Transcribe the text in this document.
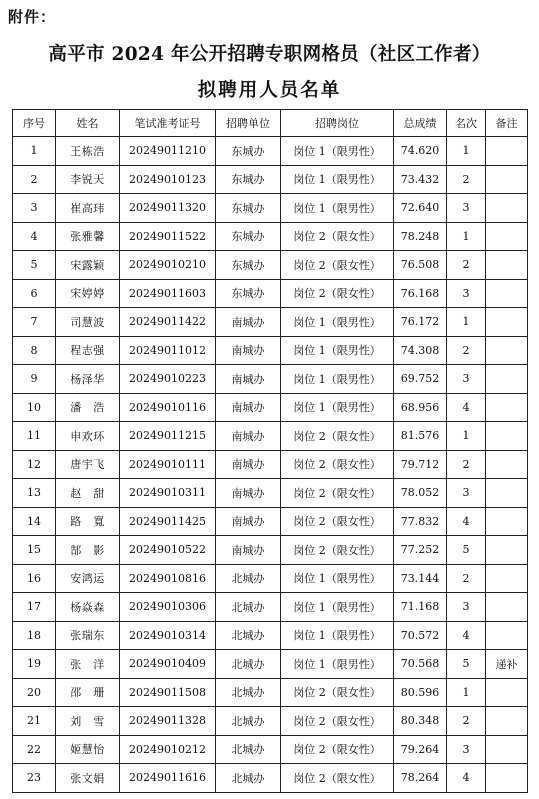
附件：
高平市 2024 年公开招聘专职网格员（社区工作者）
拟聘用人员名单
序号	姓名	笔试准考证号	招聘单位	招聘岗位	总成绩	名次	备注
1	王栋浩	20249011210	东城办	岗位 1（限男性）	74.620	1	
2	李锐天	20249010123	东城办	岗位 1（限男性）	73.432	2	
3	崔高玮	20249011320	东城办	岗位 1（限男性）	72.640	3	
4	张雅馨	20249011522	东城办	岗位 2（限女性）	78.248	1	
5	宋露颖	20249010210	东城办	岗位 2（限女性）	76.508	2	
6	宋婷婷	20249011603	东城办	岗位 2（限女性）	76.168	3	
7	司慧波	20249011422	南城办	岗位 1（限男性）	76.172	1	
8	程志强	20249011012	南城办	岗位 1（限男性）	74.308	2	
9	杨泽华	20249010223	南城办	岗位 1（限男性）	69.752	3	
10	潘　浩	20249010116	南城办	岗位 1（限男性）	68.956	4	
11	申欢环	20249011215	南城办	岗位 2（限女性）	81.576	1	
12	唐宇飞	20249010111	南城办	岗位 2（限女性）	79.712	2	
13	赵　甜	20249010311	南城办	岗位 2（限女性）	78.052	3	
14	路　寬	20249011425	南城办	岗位 2（限女性）	77.832	4	
15	郜　影	20249010522	南城办	岗位 2（限女性）	77.252	5	
16	安鸿运	20249010816	北城办	岗位 1（限男性）	73.144	2	
17	杨焱森	20249010306	北城办	岗位 1（限男性）	71.168	3	
18	张瑞东	20249010314	北城办	岗位 1（限男性）	70.572	4	
19	张　洋	20249010409	北城办	岗位 1（限男性）	70.568	5	递补
20	邵　珊	20249011508	北城办	岗位 2（限女性）	80.596	1	
21	刘　雪	20249011328	北城办	岗位 2（限女性）	80.348	2	
22	姬慧怡	20249010212	北城办	岗位 2（限女性）	79.264	3	
23	张文娟	20249011616	北城办	岗位 2（限女性）	78.264	4	
